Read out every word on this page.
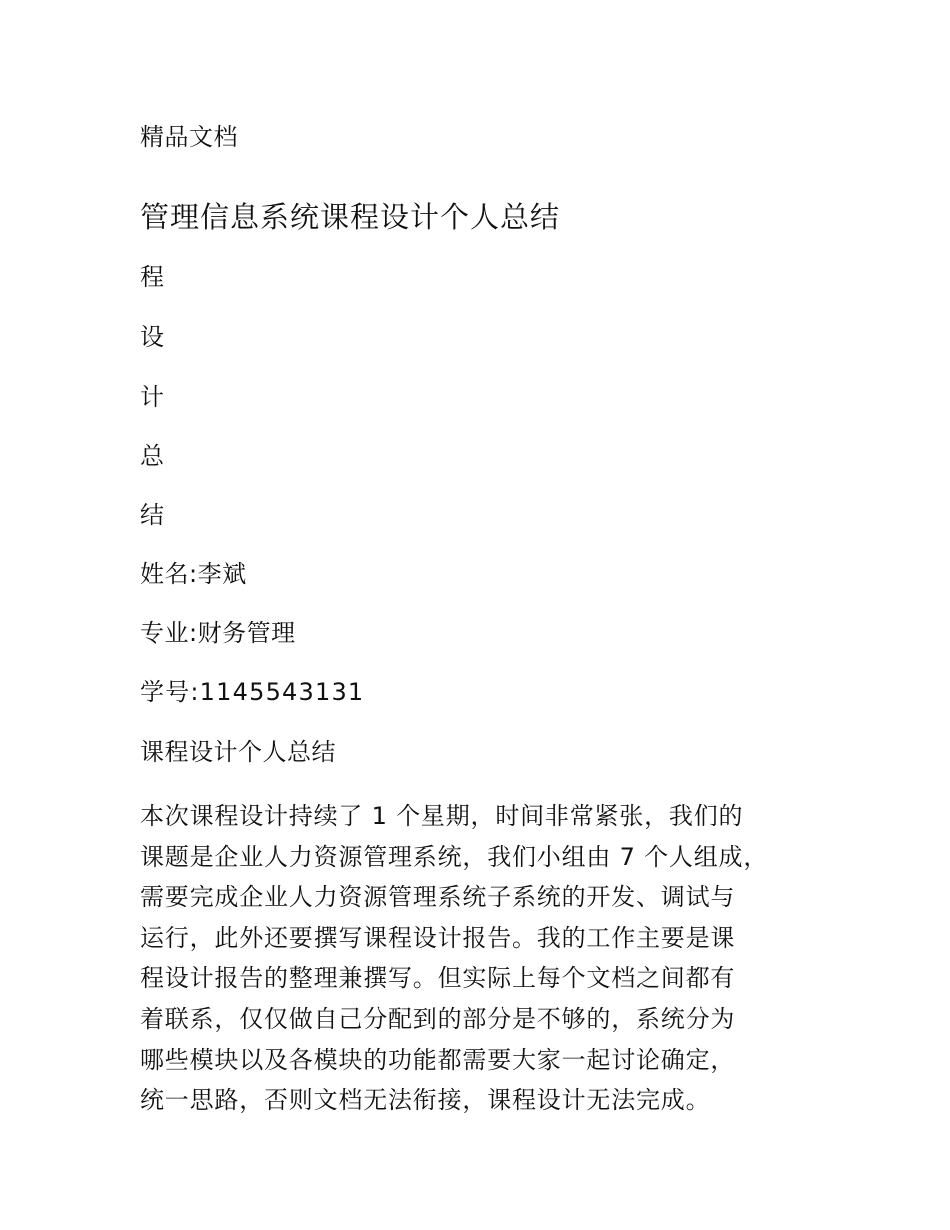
精品文档
管理信息系统课程设计个人总结
程
设
计
总
结
姓名:李斌
专业:财务管理
学号:1145543131
课程设计个人总结
本次课程设计持续了 1 个星期，时间非常紧张，我们的
课题是企业人力资源管理系统，我们小组由 7 个人组成，
需要完成企业人力资源管理系统子系统的开发、调试与
运行，此外还要撰写课程设计报告。我的工作主要是课
程设计报告的整理兼撰写。但实际上每个文档之间都有
着联系，仅仅做自己分配到的部分是不够的，系统分为
哪些模块以及各模块的功能都需要大家一起讨论确定，
统一思路，否则文档无法衔接，课程设计无法完成。
